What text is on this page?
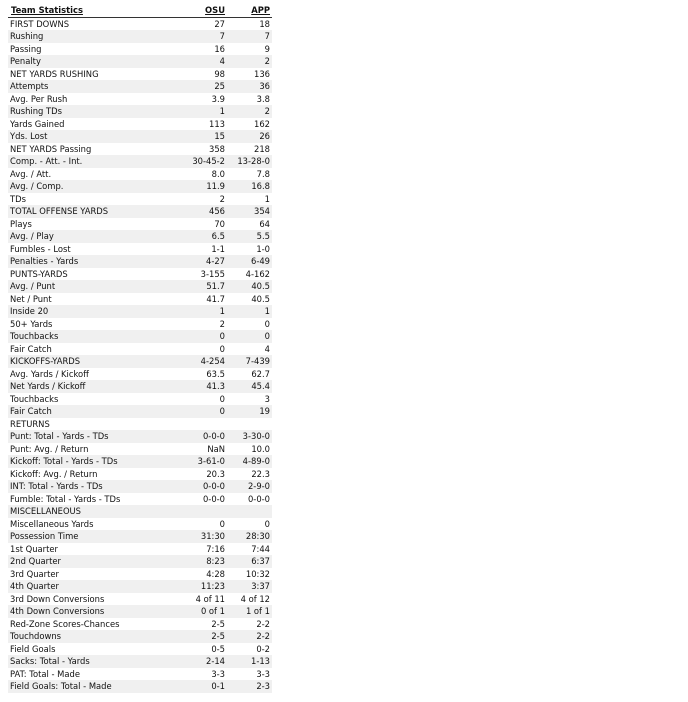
Team Statistics	OSU	APP
FIRST DOWNS	27	18
Rushing	7	7
Passing	16	9
Penalty	4	2
NET YARDS RUSHING	98	136
Attempts	25	36
Avg. Per Rush	3.9	3.8
Rushing TDs	1	2
Yards Gained	113	162
Yds. Lost	15	26
NET YARDS Passing	358	218
Comp. - Att. - Int.	30-45-2	13-28-0
Avg. / Att.	8.0	7.8
Avg. / Comp.	11.9	16.8
TDs	2	1
TOTAL OFFENSE YARDS	456	354
Plays	70	64
Avg. / Play	6.5	5.5
Fumbles - Lost	1-1	1-0
Penalties - Yards	4-27	6-49
PUNTS-YARDS	3-155	4-162
Avg. / Punt	51.7	40.5
Net / Punt	41.7	40.5
Inside 20	1	1
50+ Yards	2	0
Touchbacks	0	0
Fair Catch	0	4
KICKOFFS-YARDS	4-254	7-439
Avg. Yards / Kickoff	63.5	62.7
Net Yards / Kickoff	41.3	45.4
Touchbacks	0	3
Fair Catch	0	19
RETURNS		
Punt: Total - Yards - TDs	0-0-0	3-30-0
Punt: Avg. / Return	NaN	10.0
Kickoff: Total - Yards - TDs	3-61-0	4-89-0
Kickoff: Avg. / Return	20.3	22.3
INT: Total - Yards - TDs	0-0-0	2-9-0
Fumble: Total - Yards - TDs	0-0-0	0-0-0
MISCELLANEOUS		
Miscellaneous Yards	0	0
Possession Time	31:30	28:30
1st Quarter	7:16	7:44
2nd Quarter	8:23	6:37
3rd Quarter	4:28	10:32
4th Quarter	11:23	3:37
3rd Down Conversions	4 of 11	4 of 12
4th Down Conversions	0 of 1	1 of 1
Red-Zone Scores-Chances	2-5	2-2
Touchdowns	2-5	2-2
Field Goals	0-5	0-2
Sacks: Total - Yards	2-14	1-13
PAT: Total - Made	3-3	3-3
Field Goals: Total - Made	0-1	2-3
